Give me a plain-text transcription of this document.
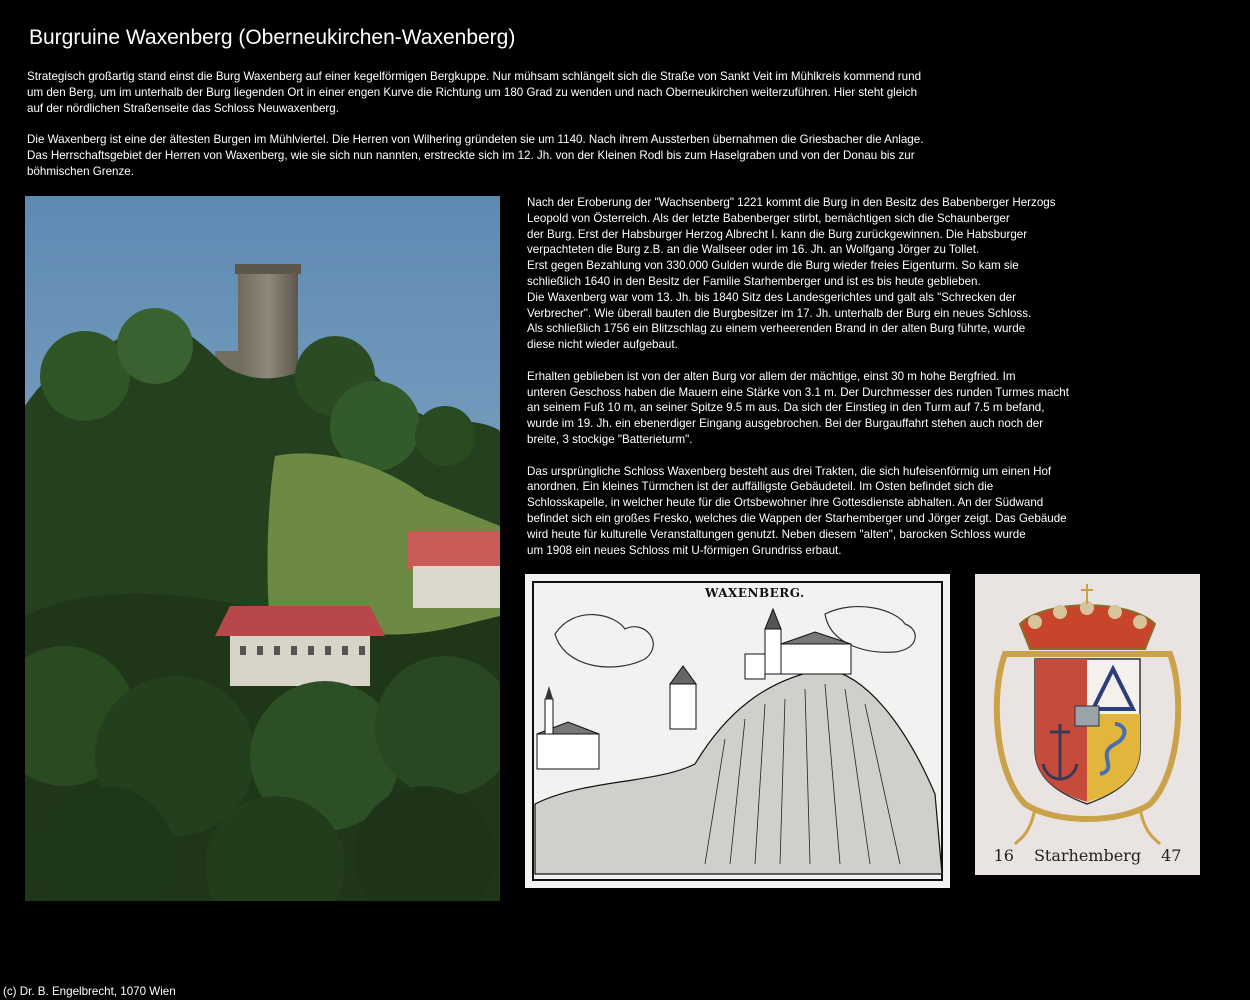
Burgruine Waxenberg (Oberneukirchen-Waxenberg)

Strategisch großartig stand einst die Burg Waxenberg auf einer kegelförmigen Bergkuppe. Nur mühsam schlängelt sich die Straße von Sankt Veit im Mühlkreis kommend rund
um den Berg, um im unterhalb der Burg liegenden Ort in einer engen Kurve die Richtung um 180 Grad zu wenden und nach Oberneukirchen weiterzuführen. Hier steht gleich
auf der nördlichen Straßenseite das Schloss Neuwaxenberg.

Die Waxenberg ist eine der ältesten Burgen im Mühlviertel. Die Herren von Wilhering gründeten sie um 1140. Nach ihrem Aussterben übernahmen die Griesbacher die Anlage.
Das Herrschaftsgebiet der Herren von Waxenberg, wie sie sich nun nannten, erstreckte sich im 12. Jh. von der Kleinen Rodl bis zum Haselgraben und von der Donau bis zur
böhmischen Grenze.

Nach der Eroberung der "Wachsenberg" 1221 kommt die Burg in den Besitz des Babenberger Herzogs
Leopold von Österreich. Als der letzte Babenberger stirbt, bemächtigen sich die Schaunberger
der Burg. Erst der Habsburger Herzog Albrecht I. kann die Burg zurückgewinnen. Die Habsburger
verpachteten die Burg z.B. an die Wallseer oder im 16. Jh. an Wolfgang Jörger zu Tollet.
Erst gegen Bezahlung von 330.000 Gulden wurde die Burg wieder freies Eigenturm. So kam sie
schließlich 1640 in den Besitz der Familie Starhemberger und ist es bis heute geblieben.
Die Waxenberg war vom 13. Jh. bis 1840 Sitz des Landesgerichtes und galt als "Schrecken der
Verbrecher". Wie überall bauten die Burgbesitzer im 17. Jh. unterhalb der Burg ein neues Schloss.
Als schließlich 1756 ein Blitzschlag zu einem verheerenden Brand in der alten Burg führte, wurde
diese nicht wieder aufgebaut.

Erhalten geblieben ist von der alten Burg vor allem der mächtige, einst 30 m hohe Bergfried. Im
unteren Geschoss haben die Mauern eine Stärke von 3.1 m. Der Durchmesser des runden Turmes macht
an seinem Fuß 10 m, an seiner Spitze 9.5 m aus. Da sich der Einstieg in den Turm auf 7.5 m befand,
wurde im 19. Jh. ein ebenerdiger Eingang ausgebrochen. Bei der Burgauffahrt stehen auch noch der
breite, 3 stockige "Batterieturm".

Das ursprüngliche Schloss Waxenberg besteht aus drei Trakten, die sich hufeisenförmig um einen Hof
anordnen. Ein kleines Türmchen ist der auffälligste Gebäudeteil. Im Osten befindet sich die
Schlosskapelle, in welcher heute für die Ortsbewohner ihre Gottesdienste abhalten. An der Südwand
befindet sich ein großes Fresko, welches die Wappen der Starhemberger und Jörger zeigt. Das Gebäude
wird heute für kulturelle Veranstaltungen genutzt. Neben diesem "alten", barocken Schloss wurde
um 1908 ein neues Schloss mit U-förmigen Grundriss erbaut.

WAXENBERG.
16 Starhemberg 47
(c) Dr. B. Engelbrecht, 1070 Wien
